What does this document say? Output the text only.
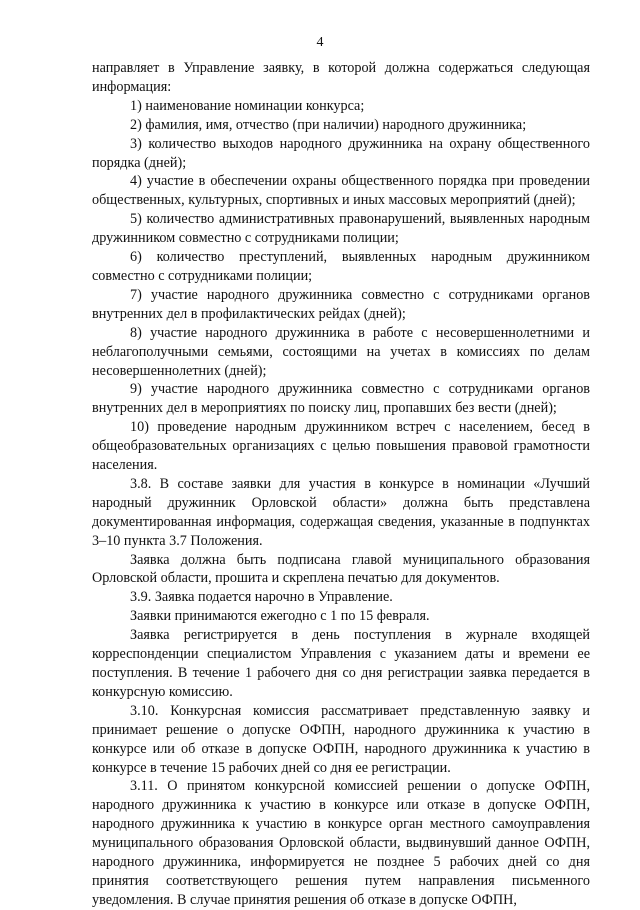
4

направляет в Управление заявку, в которой должна содержаться следующая информация:

1) наименование номинации конкурса;

2) фамилия, имя, отчество (при наличии) народного дружинника;

3) количество выходов народного дружинника на охрану общественного порядка (дней);

4) участие в обеспечении охраны общественного порядка при проведении общественных, культурных, спортивных и иных массовых мероприятий (дней);

5) количество административных правонарушений, выявленных народным дружинником совместно с сотрудниками полиции;

6) количество преступлений, выявленных народным дружинником совместно с сотрудниками полиции;

7) участие народного дружинника совместно с сотрудниками органов внутренних дел в профилактических рейдах (дней);

8) участие народного дружинника в работе с несовершеннолетними и неблагополучными семьями, состоящими на учетах в комиссиях по делам несовершеннолетних (дней);

9) участие народного дружинника совместно с сотрудниками органов внутренних дел в мероприятиях по поиску лиц, пропавших без вести (дней);

10) проведение народным дружинником встреч с населением, бесед в общеобразовательных организациях с целью повышения правовой грамотности населения.

3.8. В составе заявки для участия в конкурсе в номинации «Лучший народный дружинник Орловской области» должна быть представлена документированная информация, содержащая сведения, указанные в подпунктах 3–10 пункта 3.7 Положения.

Заявка должна быть подписана главой муниципального образования Орловской области, прошита и скреплена печатью для документов.

3.9. Заявка подается нарочно в Управление.

Заявки принимаются ежегодно с 1 по 15 февраля.

Заявка регистрируется в день поступления в журнале входящей корреспонденции специалистом Управления с указанием даты и времени ее поступления. В течение 1 рабочего дня со дня регистрации заявка передается в конкурсную комиссию.

3.10. Конкурсная комиссия рассматривает представленную заявку и принимает решение о допуске ОФПН, народного дружинника к участию в конкурсе или об отказе в допуске ОФПН, народного дружинника к участию в конкурсе в течение 15 рабочих дней со дня ее регистрации.

3.11. О принятом конкурсной комиссией решении о допуске ОФПН, народного дружинника к участию в конкурсе или отказе в допуске ОФПН, народного дружинника к участию в конкурсе орган местного самоуправления муниципального образования Орловской области, выдвинувший данное ОФПН, народного дружинника, информируется не позднее 5 рабочих дней со дня принятия соответствующего решения путем направления письменного уведомления. В случае принятия решения об отказе в допуске ОФПН,
